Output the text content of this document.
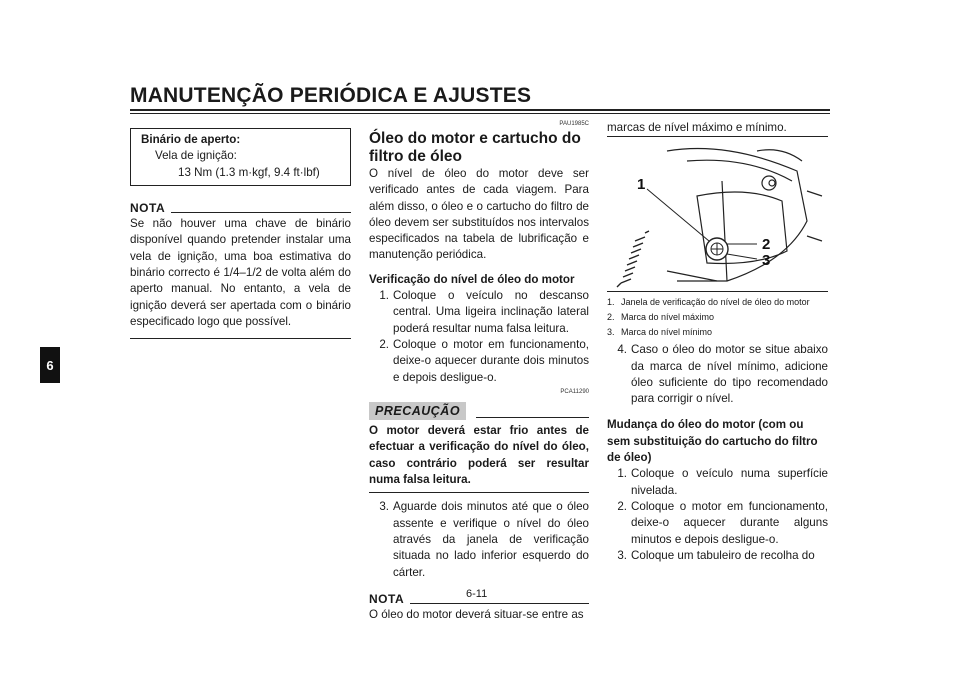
MANUTENÇÃO PERIÓDICA E AJUSTES
6
Binário de aperto:
Vela de ignição:
13 Nm (1.3 m·kgf, 9.4 ft·lbf)
NOTA
Se não houver uma chave de binário disponível quando pretender instalar uma vela de ignição, uma boa estimativa do binário correcto é 1/4–1/2 de volta além do aperto manual. No entanto, a vela de ignição deverá ser apertada com o binário especificado logo que possível.
PAU1985C
Óleo do motor e cartucho do filtro de óleo
O nível de óleo do motor deve ser verificado antes de cada viagem. Para além disso, o óleo e o cartucho do filtro de óleo devem ser substituídos nos intervalos especificados na tabela de lubrificação e manutenção periódica.
Verificação do nível de óleo do motor
1. Coloque o veículo no descanso central. Uma ligeira inclinação lateral poderá resultar numa falsa leitura.
2. Coloque o motor em funcionamento, deixe-o aquecer durante dois minutos e depois desligue-o.
PCA11290
PRECAUÇÃO
O motor deverá estar frio antes de efectuar a verificação do nível do óleo, caso contrário poderá ser resultar numa falsa leitura.
3. Aguarde dois minutos até que o óleo assente e verifique o nível do óleo através da janela de verificação situada no lado inferior esquerdo do cárter.
NOTA
O óleo do motor deverá situar-se entre as
marcas de nível máximo e mínimo.
1
2
3
1. Janela de verificação do nível de óleo do motor
2. Marca do nível máximo
3. Marca do nível mínimo
4. Caso o óleo do motor se situe abaixo da marca de nível mínimo, adicione óleo suficiente do tipo recomendado para corrigir o nível.
Mudança do óleo do motor (com ou sem substituição do cartucho do filtro de óleo)
1. Coloque o veículo numa superfície nivelada.
2. Coloque o motor em funcionamento, deixe-o aquecer durante alguns minutos e depois desligue-o.
3. Coloque um tabuleiro de recolha do
6-11
